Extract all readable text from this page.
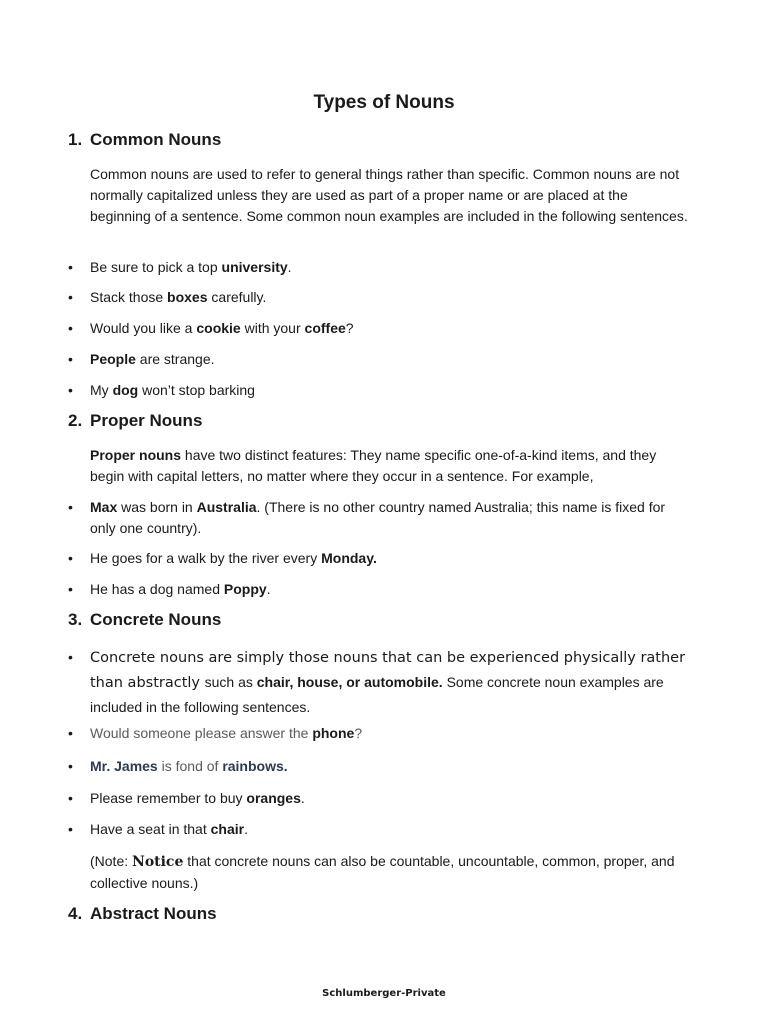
Types of Nouns
1. Common Nouns

Common nouns are used to refer to general things rather than specific. Common nouns are not normally capitalized unless they are used as part of a proper name or are placed at the beginning of a sentence. Some common noun examples are included in the following sentences.

•	Be sure to pick a top university.

•	Stack those boxes carefully.

•	Would you like a cookie with your coffee?

•	People are strange.

•	My dog won’t stop barking

2. Proper Nouns

Proper nouns have two distinct features: They name specific one-of-a-kind items, and they begin with capital letters, no matter where they occur in a sentence. For example,

•	Max was born in Australia. (There is no other country named Australia; this name is fixed for only one country).

•	He goes for a walk by the river every Monday.

•	He has a dog named Poppy.

3. Concrete Nouns

•	Concrete nouns are simply those nouns that can be experienced physically rather than abstractly such as chair, house, or automobile. Some concrete noun examples are included in the following sentences.

•	Would someone please answer the phone?

•	Mr. James is fond of rainbows.

•	Please remember to buy oranges.

•	Have a seat in that chair.

(Note: Notice that concrete nouns can also be countable, uncountable, common, proper, and collective nouns.)

4. Abstract Nouns
Schlumberger-Private
